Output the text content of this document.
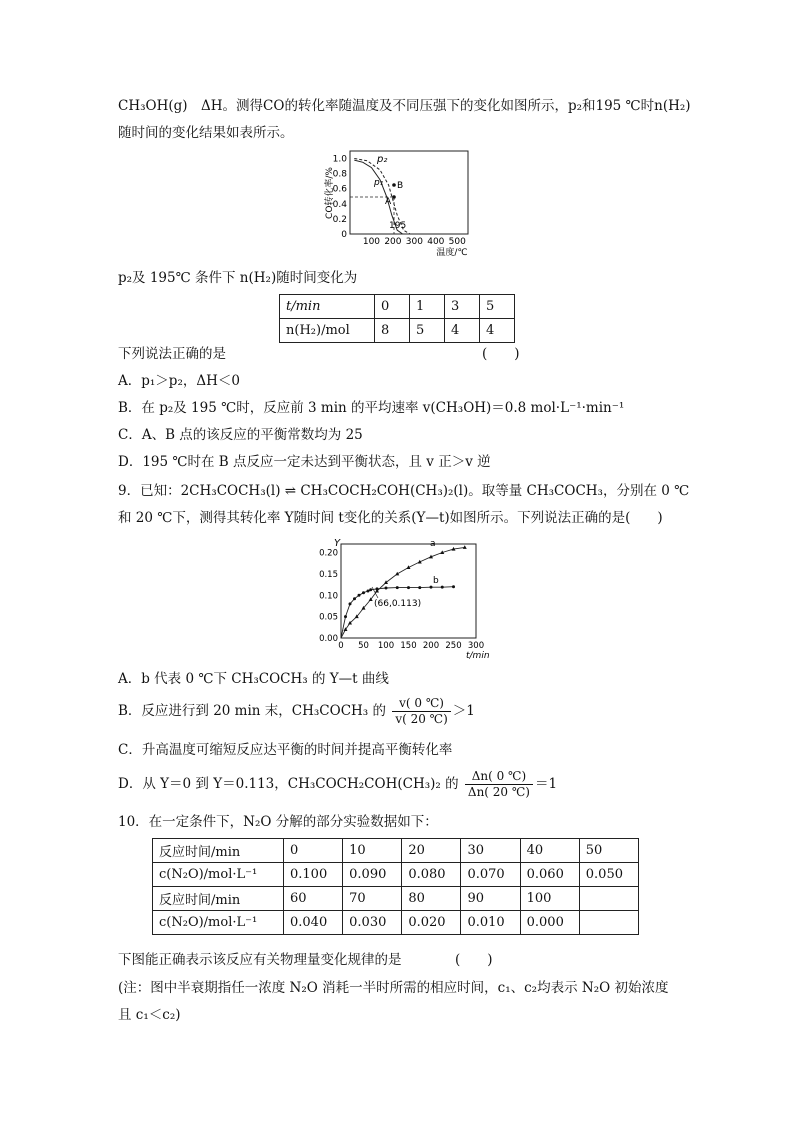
CH₃OH(g)　ΔH。测得CO的转化率随温度及不同压强下的变化如图所示，p₂和195 ℃时n(H₂)
随时间的变化结果如表所示。
1.0
0.8
0.6
0.4
0.2
0
100 200 300 400 500
CO转化率/%
温度/℃
p₂
p₁ B
A
195
p₂及 195℃ 条件下 n(H₂)随时间变化为
t/min	0	1	3	5
n(H₂)/mol	8	5	4	4
下列说法正确的是	(　　)
A．p₁＞p₂，ΔH＜0
B．在 p₂及 195 ℃时，反应前 3 min 的平均速率 v(CH₃OH)＝0.8 mol·L⁻¹·min⁻¹
C．A、B 点的该反应的平衡常数均为 25
D．195 ℃时在 B 点反应一定未达到平衡状态，且 v 正＞v 逆
9．已知：2CH₃COCH₃(l) ⇌ CH₃COCH₂COH(CH₃)₂(l)。取等量 CH₃COCH₃，分别在 0 ℃
和 20 ℃下，测得其转化率 Y随时间 t变化的关系(Y—t)如图所示。下列说法正确的是(　　)
0.20
0.15
0.10
0.05
0.00
0 50 100 150 200 250 300
Y
t/min
a
b
(66,0.113)
A．b 代表 0 ℃下 CH₃COCH₃ 的 Y—t 曲线
B．反应进行到 20 min 末，CH₃COCH₃ 的 $\frac{v( 0 ℃)}{v( 20 ℃)} >1$
C．升高温度可缩短反应达平衡的时间并提高平衡转化率
D．从 Y＝0 到 Y＝0.113，CH₃COCH₂COH(CH₃)₂ 的 $\frac{\Delta n( 0 ℃)}{\Delta n( 20 ℃)} =1$
10．在一定条件下，N₂O 分解的部分实验数据如下：
反应时间/min	0	10	20	30	40	50
c(N₂O)/mol·L⁻¹	0.100	0.090	0.080	0.070	0.060	0.050
反应时间/min	60	70	80	90	100	
c(N₂O)/mol·L⁻¹	0.040	0.030	0.020	0.010	0.000	
下图能正确表示该反应有关物理量变化规律的是	(　　)
(注：图中半衰期指任一浓度 N₂O 消耗一半时所需的相应时间，c₁、c₂均表示 N₂O 初始浓度
且 c₁＜c₂)
